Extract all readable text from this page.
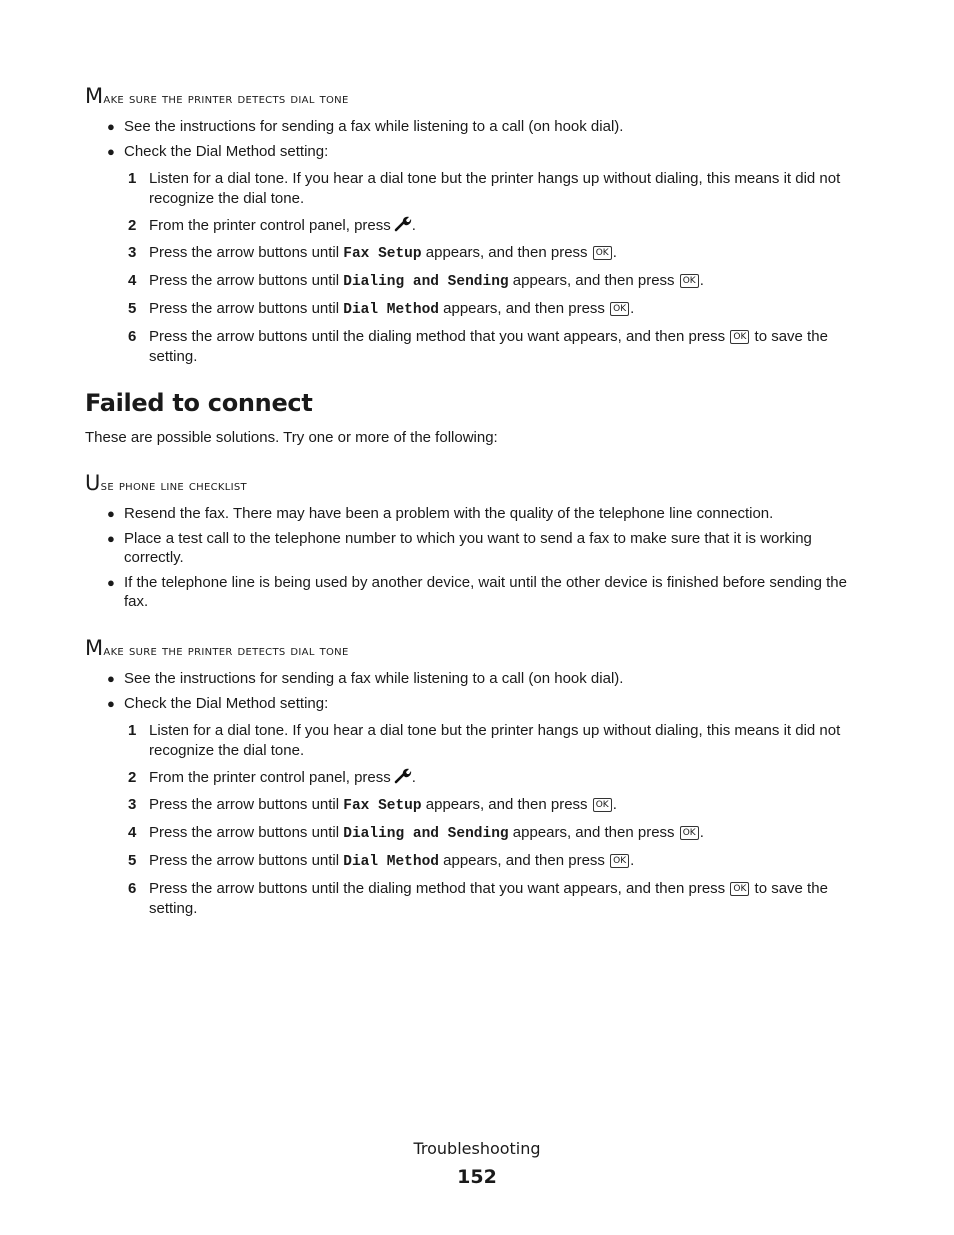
Make sure the printer detects dial tone
● See the instructions for sending a fax while listening to a call (on hook dial).
● Check the Dial Method setting:
1 Listen for a dial tone. If you hear a dial tone but the printer hangs up without dialing, this means it did not recognize the dial tone.
2 From the printer control panel, press .
3 Press the arrow buttons until Fax Setup appears, and then press OK .
4 Press the arrow buttons until Dialing and Sending appears, and then press OK .
5 Press the arrow buttons until Dial Method appears, and then press OK .
6 Press the arrow buttons until the dialing method that you want appears, and then press OK to save the setting.
Failed to connect

These are possible solutions. Try one or more of the following:

Use phone line checklist
● Resend the fax. There may have been a problem with the quality of the telephone line connection.
● Place a test call to the telephone number to which you want to send a fax to make sure that it is working correctly.
● If the telephone line is being used by another device, wait until the other device is finished before sending the fax.
Make sure the printer detects dial tone
● See the instructions for sending a fax while listening to a call (on hook dial).
● Check the Dial Method setting:
1 Listen for a dial tone. If you hear a dial tone but the printer hangs up without dialing, this means it did not recognize the dial tone.
2 From the printer control panel, press .
3 Press the arrow buttons until Fax Setup appears, and then press OK .
4 Press the arrow buttons until Dialing and Sending appears, and then press OK .
5 Press the arrow buttons until Dial Method appears, and then press OK .
6 Press the arrow buttons until the dialing method that you want appears, and then press OK to save the setting.
Troubleshooting
152
